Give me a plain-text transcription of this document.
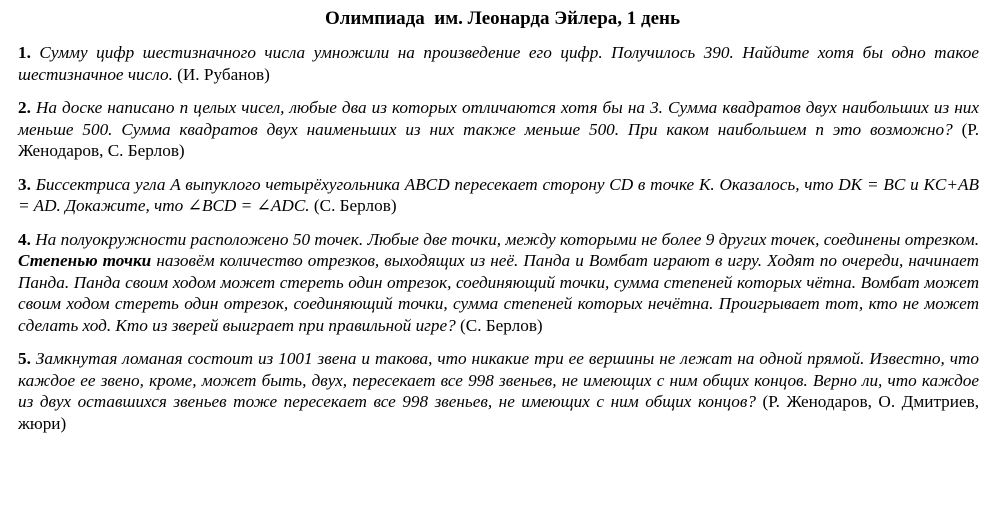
Олимпиада  им. Леонарда Эйлера, 1 день
1. Сумму цифр шестизначного числа умножили на произведение его цифр. Получилось 390. Найдите хотя бы одно такое шестизначное число. (И. Рубанов)
2. На доске написано n целых чисел, любые два из которых отличаются хотя бы на 3. Сумма квадратов двух наибольших из них меньше 500. Сумма квадратов двух наименьших из них также меньше 500. При каком наибольшем n это возможно? (Р. Женодаров, С. Берлов)
3. Биссектриса угла A выпуклого четырёхугольника ABCD пересекает сторону CD в точке K. Оказалось, что DK = BC и KC+AB = AD. Докажите, что ∠BCD = ∠ADC. (С. Берлов)
4. На полуокружности расположено 50 точек. Любые две точки, между которыми не более 9 других точек, соединены отрезком. Степенью точки назовём количество отрезков, выходящих из неё. Панда и Вомбат играют в игру. Ходят по очереди, начинает Панда. Панда своим ходом может стереть один отрезок, соединяющий точки, сумма степеней которых чётна. Вомбат может своим ходом стереть один отрезок, соединяющий точки, сумма степеней которых нечётна. Проигрывает тот, кто не может сделать ход. Кто из зверей выиграет при правильной игре? (С. Берлов)
5. Замкнутая ломаная состоит из 1001 звена и такова, что никакие три ее вершины не лежат на одной прямой. Известно, что каждое ее звено, кроме, может быть, двух, пересекает все 998 звеньев, не имеющих с ним общих концов. Верно ли, что каждое из двух оставшихся звеньев тоже пересекает все 998 звеньев, не имеющих с ним общих концов? (Р. Женодаров, О. Дмитриев, жюри)
